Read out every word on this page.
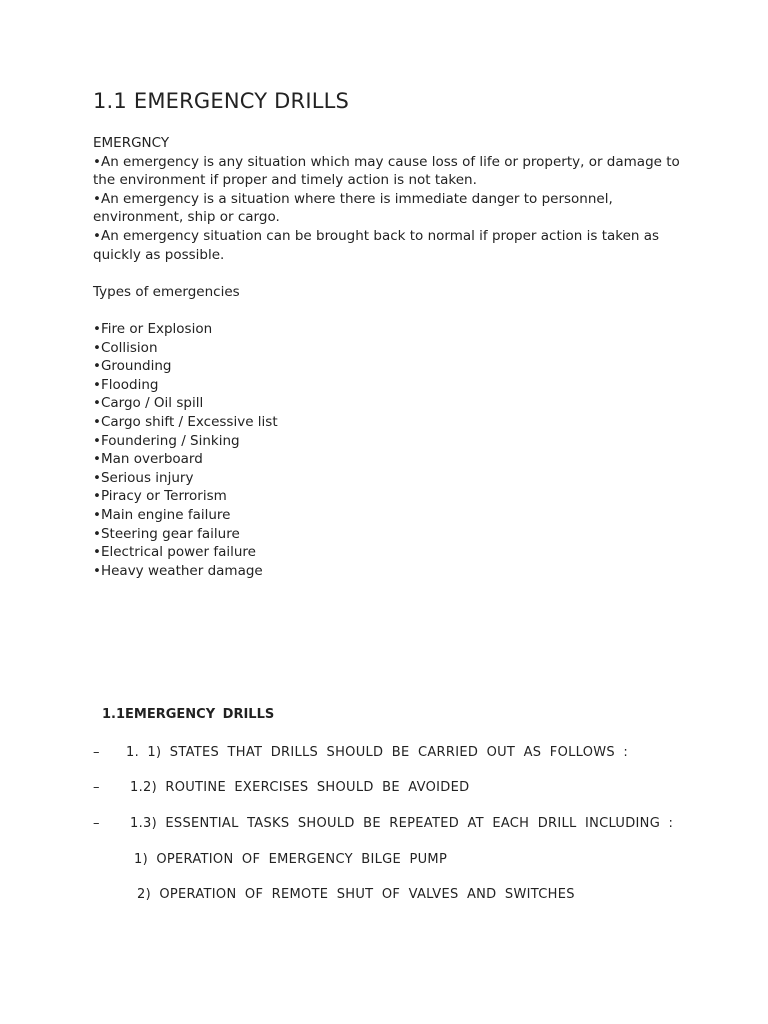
1.1 EMERGENCY DRILLS
EMERGNCY
•An emergency is any situation which may cause loss of life or property, or damage to
the environment if proper and timely action is not taken.
•An emergency is a situation where there is immediate danger to personnel,
environment, ship or cargo.
•An emergency situation can be brought back to normal if proper action is taken as
quickly as possible.
Types of emergencies
•Fire or Explosion
•Collision
•Grounding
•Flooding
•Cargo / Oil spill
•Cargo shift / Excessive list
•Foundering / Sinking
•Man overboard
•Serious injury
•Piracy or Terrorism
•Main engine failure
•Steering gear failure
•Electrical power failure
•Heavy weather damage
1.1EMERGENCY DRILLS
– 1. 1) STATES THAT DRILLS SHOULD BE CARRIED OUT AS FOLLOWS :
– 1.2) ROUTINE EXERCISES SHOULD BE AVOIDED
– 1.3) ESSENTIAL TASKS SHOULD BE REPEATED AT EACH DRILL INCLUDING :
1) OPERATION OF EMERGENCY BILGE PUMP
2) OPERATION OF REMOTE SHUT OF VALVES AND SWITCHES
